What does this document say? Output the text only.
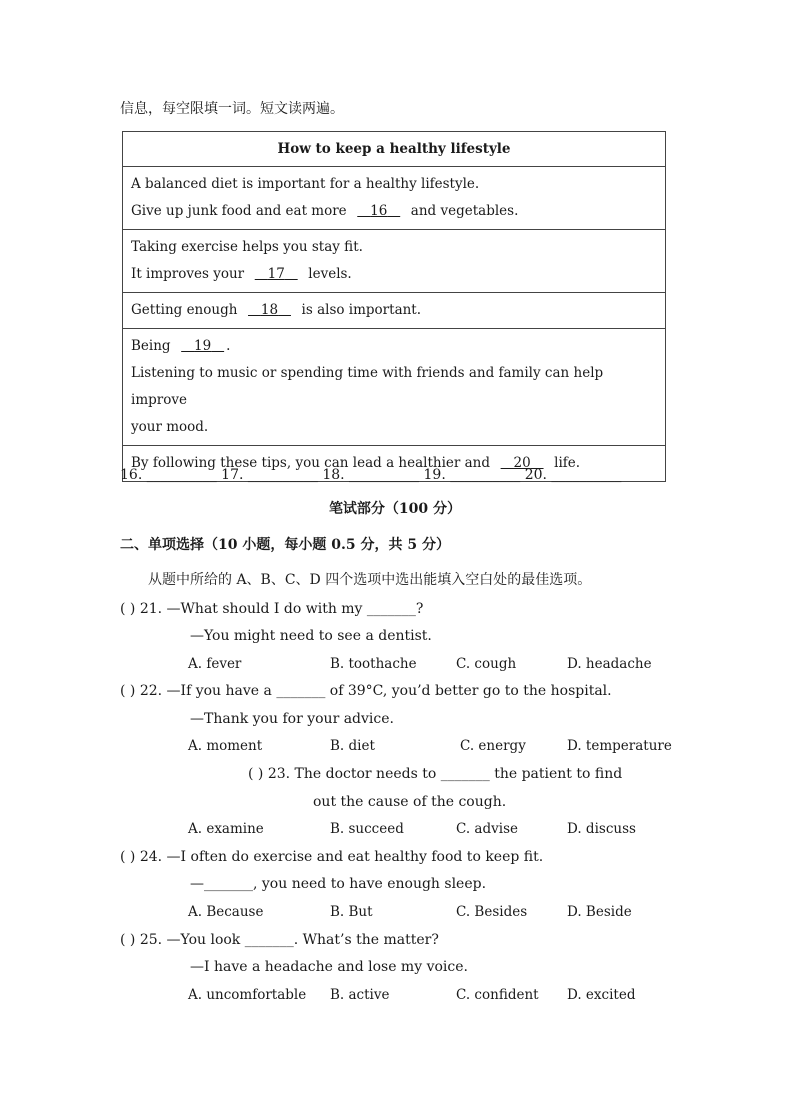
信息，每空限填一词。短文读两遍。
How to keep a healthy lifestyle

A balanced diet is important for a healthy lifestyle.
Give up junk food and eat more 16 and vegetables.

Taking exercise helps you stay fit.
It improves your 17 levels.

Getting enough 18 is also important.

Being 19 .
Listening to music or spending time with friends and family can help improve
your mood.

By following these tips, you can lead a healthier and 20 life.
16. __________ 17. __________ 18. __________ 19. __________ 20. __________
笔试部分（100 分）
二、单项选择（10 小题，每小题 0.5 分，共 5 分）
从题中所给的 A、B、C、D 四个选项中选出能填入空白处的最佳选项。
( ) 21. —What should I do with my _______?
—You might need to see a dentist.
A. fever	B. toothache	C. cough	D. headache
( ) 22. —If you have a _______ of 39°C, you’d better go to the hospital.
—Thank you for your advice.
A. moment	B. diet	C. energy	D. temperature
( ) 23. The doctor needs to _______ the patient to find
out the cause of the cough.
A. examine	B. succeed	C. advise	D. discuss
( ) 24. —I often do exercise and eat healthy food to keep fit.
—_______, you need to have enough sleep.
A. Because	B. But	C. Besides	D. Beside
( ) 25. —You look _______. What’s the matter?
—I have a headache and lose my voice.
A. uncomfortable B. active	C. confident D. excited
